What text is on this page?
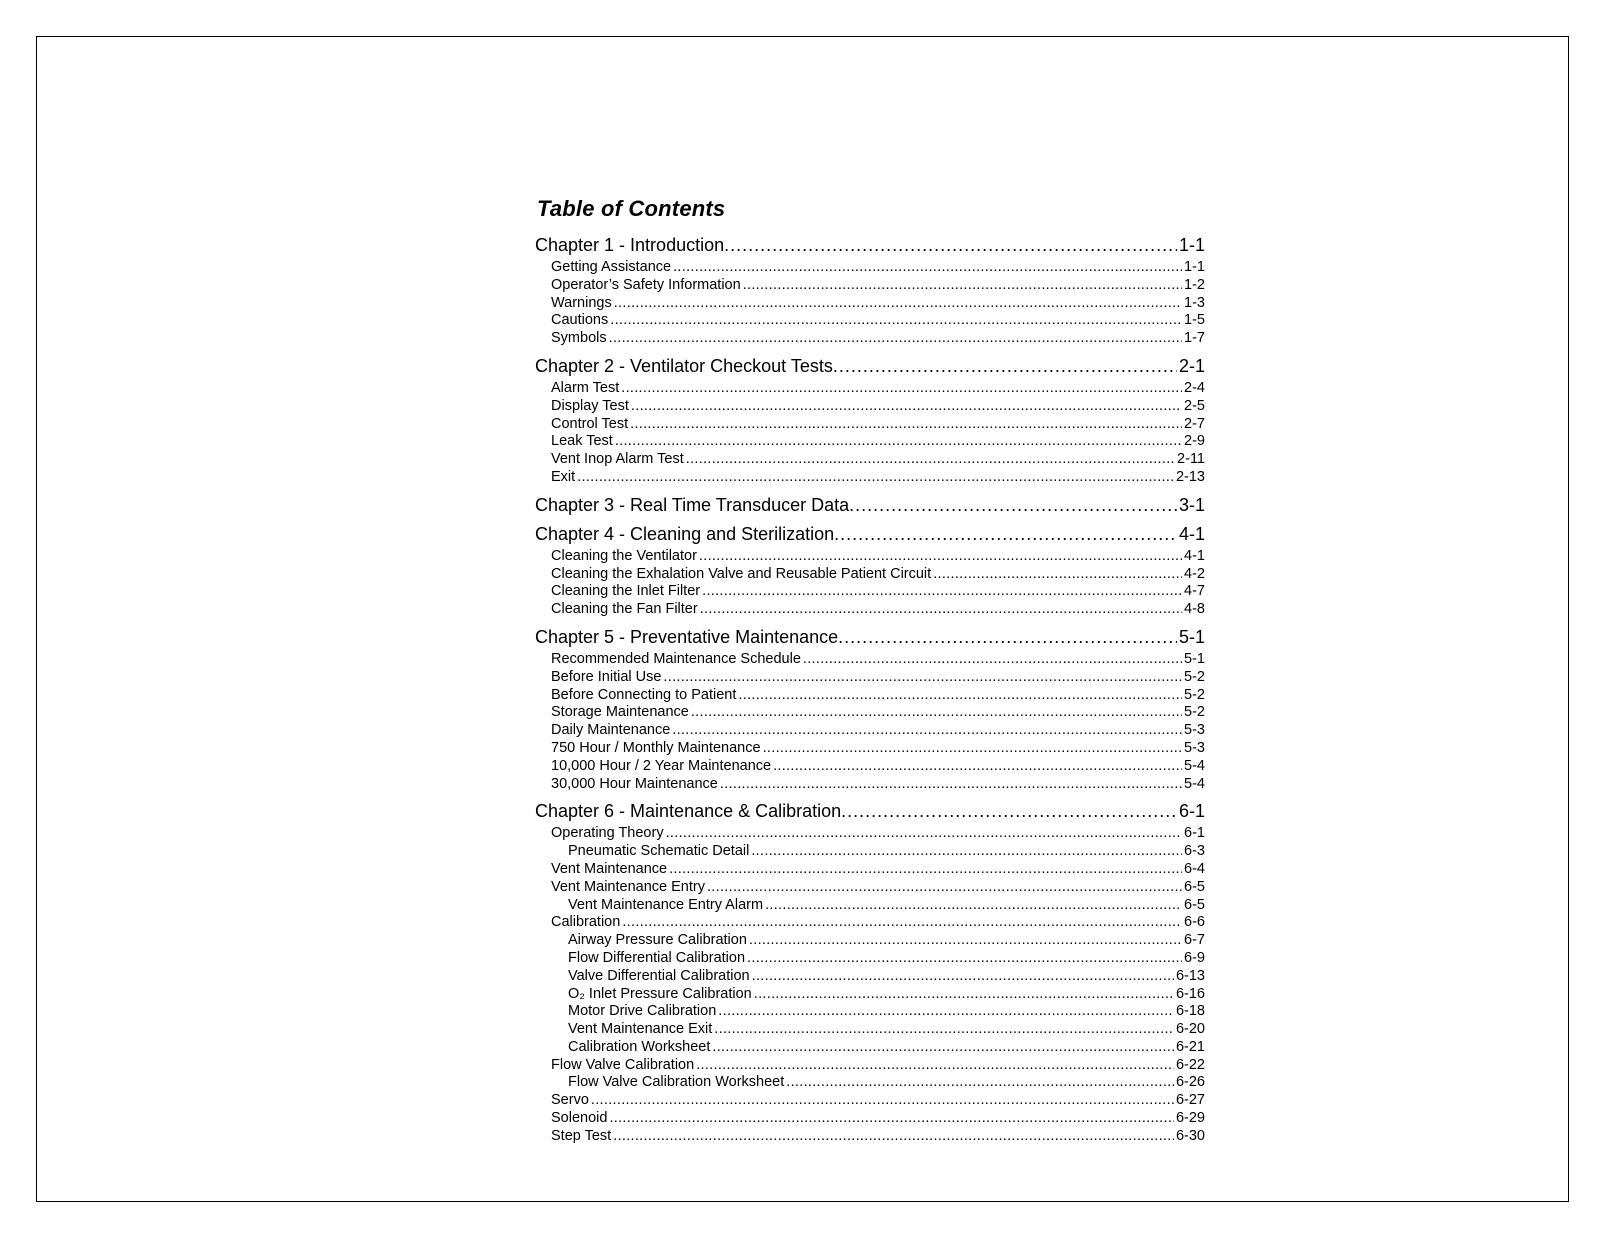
Table of Contents
Chapter 1 - Introduction .....	1-1
Getting Assistance .....	1-1
Operator’s Safety Information .....	1-2
Warnings .....	1-3
Cautions .....	1-5
Symbols .....	1-7
Chapter 2 - Ventilator Checkout Tests .....	2-1
Alarm Test .....	2-4
Display Test .....	2-5
Control Test .....	2-7
Leak Test .....	2-9
Vent Inop Alarm Test .....	2-11
Exit .....	2-13
Chapter 3 - Real Time Transducer Data .....	3-1
Chapter 4 - Cleaning and Sterilization .....	4-1
Cleaning the Ventilator .....	4-1
Cleaning the Exhalation Valve and Reusable Patient Circuit .....	4-2
Cleaning the Inlet Filter .....	4-7
Cleaning the Fan Filter .....	4-8
Chapter 5 - Preventative Maintenance .....	5-1
Recommended Maintenance Schedule .....	5-1
Before Initial Use .....	5-2
Before Connecting to Patient .....	5-2
Storage Maintenance .....	5-2
Daily Maintenance .....	5-3
750 Hour / Monthly Maintenance .....	5-3
10,000 Hour / 2 Year Maintenance .....	5-4
30,000 Hour Maintenance .....	5-4
Chapter 6 - Maintenance & Calibration .....	6-1
Operating Theory .....	6-1
Pneumatic Schematic Detail .....	6-3
Vent Maintenance .....	6-4
Vent Maintenance Entry .....	6-5
Vent Maintenance Entry Alarm .....	6-5
Calibration .....	6-6
Airway Pressure Calibration .....	6-7
Flow Differential Calibration .....	6-9
Valve Differential Calibration .....	6-13
O₂ Inlet Pressure Calibration .....	6-16
Motor Drive Calibration .....	6-18
Vent Maintenance Exit .....	6-20
Calibration Worksheet .....	6-21
Flow Valve Calibration .....	6-22
Flow Valve Calibration Worksheet .....	6-26
Servo .....	6-27
Solenoid .....	6-29
Step Test .....	6-30
